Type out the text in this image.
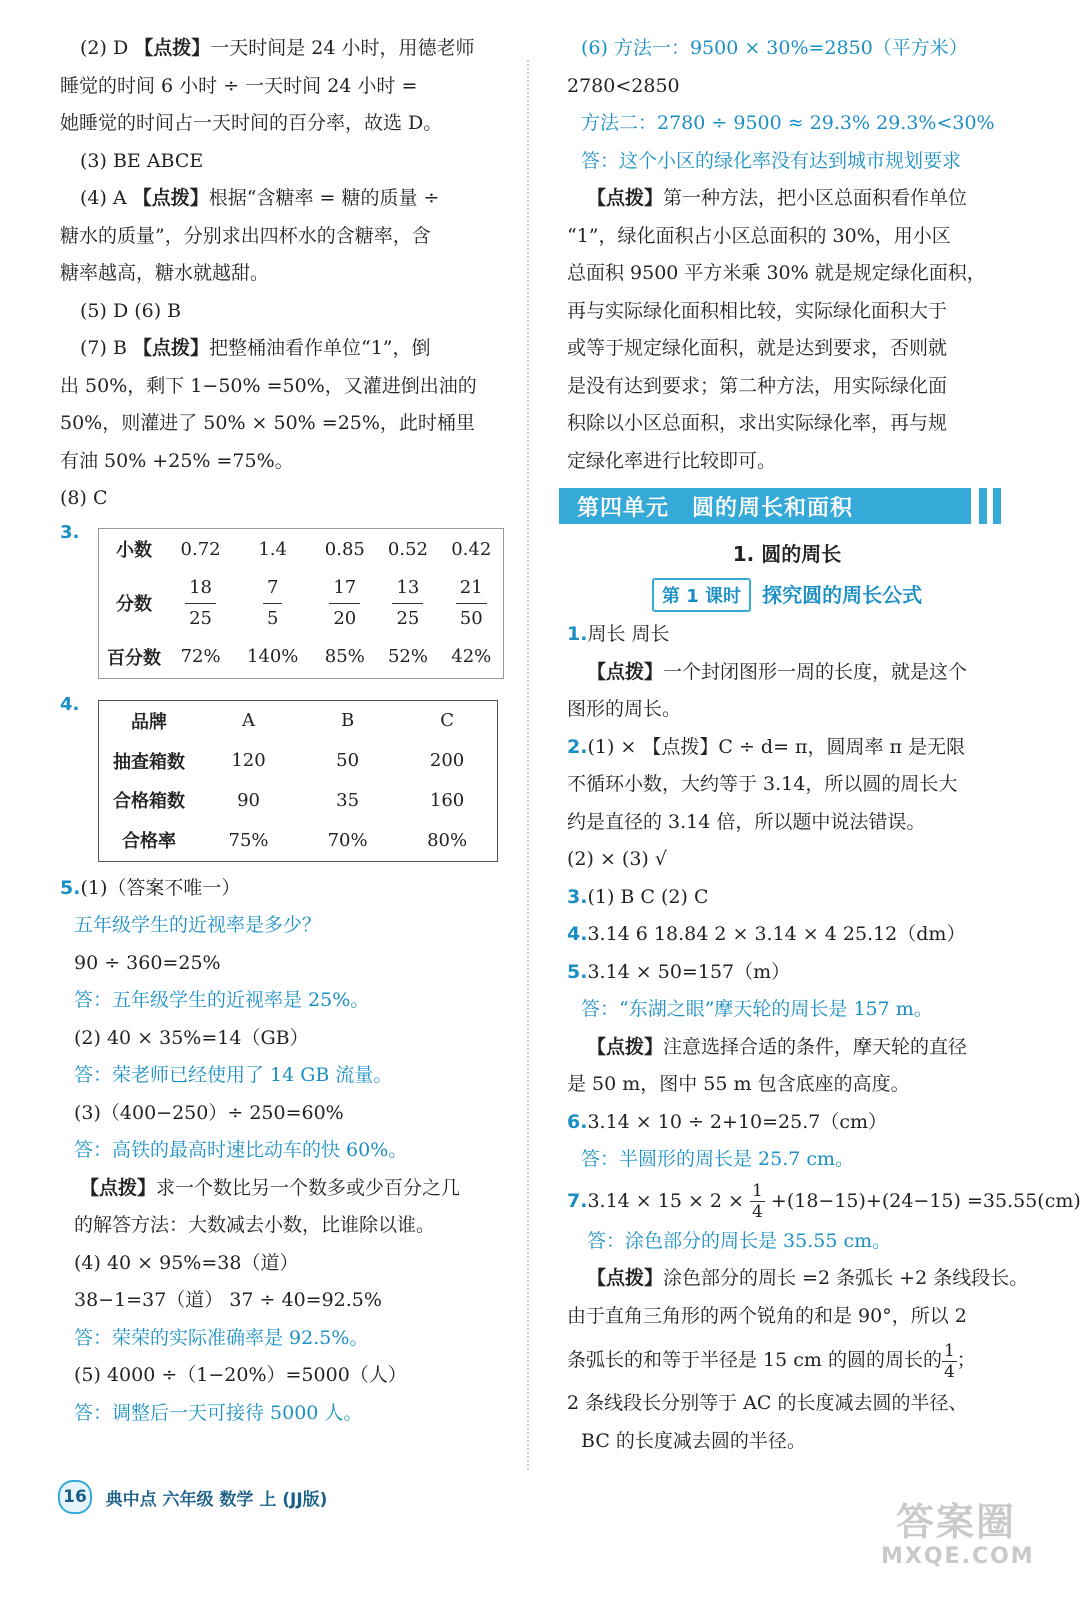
(2) D 【点拨】一天时间是 24 小时，用德老师
睡觉的时间 6 小时 ÷ 一天时间 24 小时 =
她睡觉的时间占一天时间的百分率，故选 D。
(3) BE ABCE
(4) A 【点拨】根据“含糖率 = 糖的质量 ÷
糖水的质量”，分别求出四杯水的含糖率，含
糖率越高，糖水就越甜。
(5) D (6) B
(7) B 【点拨】把整桶油看作单位“1”，倒
出 50%，剩下 1−50% =50%，又灌进倒出油的
50%，则灌进了 50% × 50% =25%，此时桶里
有油 50% +25% =75%。
(8) C
3.
小数	0.72	1.4	0.85	0.52	0.42
分数	$\frac{18}{25}$	$\frac{7}{5}$	$\frac{17}{20}$	$\frac{13}{25}$	$\frac{21}{50}$

百分数	72%	140%	85%	52%	42%
4.
品牌	A	B	C
抽查箱数	120	50	200
合格箱数	90	35	160
合格率	75%	70%	80%
5.(1)（答案不唯一）
五年级学生的近视率是多少？
90 ÷ 360=25%
答：五年级学生的近视率是 25%。
(2) 40 × 35%=14（GB）
答：荣老师已经使用了 14 GB 流量。
(3)（400−250）÷ 250=60%
答：高铁的最高时速比动车的快 60%。
【点拨】求一个数比另一个数多或少百分之几
的解答方法：大数减去小数，比谁除以谁。
(4) 40 × 95%=38（道）
38−1=37（道） 37 ÷ 40=92.5%
答：荣荣的实际准确率是 92.5%。
(5) 4000 ÷（1−20%）=5000（人）
答：调整后一天可接待 5000 人。
(6) 方法一：9500 × 30%=2850（平方米）
2780<2850
方法二：2780 ÷ 9500 ≈ 29.3% 29.3%<30%
答：这个小区的绿化率没有达到城市规划要求
【点拨】第一种方法，把小区总面积看作单位
“1”，绿化面积占小区总面积的 30%，用小区
总面积 9500 平方米乘 30% 就是规定绿化面积，
再与实际绿化面积相比较，实际绿化面积大于
或等于规定绿化面积，就是达到要求，否则就
是没有达到要求；第二种方法，用实际绿化面
积除以小区总面积，求出实际绿化率，再与规
定绿化率进行比较即可。
第四单元　圆的周长和面积
1. 圆的周长
第 1 课时 探究圆的周长公式
1.周长 周长
【点拨】一个封闭图形一周的长度，就是这个
图形的周长。
2.(1) × 【点拨】C ÷ d= π，圆周率 π 是无限
不循环小数，大约等于 3.14，所以圆的周长大
约是直径的 3.14 倍，所以题中说法错误。
(2) × (3) √
3.(1) B C (2) C
4.3.14 6 18.84 2 × 3.14 × 4 25.12（dm）
5.3.14 × 50=157（m）
答：“东湖之眼”摩天轮的周长是 157 m。
【点拨】注意选择合适的条件，摩天轮的直径
是 50 m，图中 55 m 包含底座的高度。
6.3.14 × 10 ÷ 2+10=25.7（cm）
答：半圆形的周长是 25.7 cm。
$7.3.14 \times 15 \times 2 \times \frac{1}{4} +(18-15)+(24-15) =35.55(cm)$
答：涂色部分的周长是 35.55 cm。
【点拨】涂色部分的周长 =2 条弧长 +2 条线段长。
由于直角三角形的两个锐角的和是 90°，所以 2
条弧长的和等于半径是 15 cm 的圆的周长的 $\frac{1}{4}$ ；
2 条线段长分别等于 AC 的长度减去圆的半径、
BC 的长度减去圆的半径。
16 典中点 六年级 数学 上 (JJ版)
答案圈
MXQE.COM
